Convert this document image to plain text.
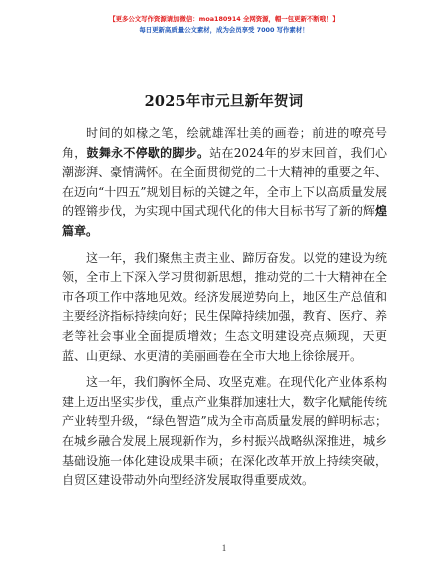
【更多公文写作资源请加微信：moa180914 全网资源，帽一包更新不断哦！】
每日更新高质量公文素材，成为会员享受 7000 写作素材！
2025年市元旦新年贺词

时间的如椽之笔，绘就雄浑壮美的画卷；前进的嘹亮号角，鼓舞永不停歇的脚步。站在2024年的岁末回首，我们心潮澎湃、豪情满怀。在全面贯彻党的二十大精神的重要之年、在迈向“十四五”规划目标的关键之年，全市上下以高质量发展的铿锵步伐，为实现中国式现代化的伟大目标书写了新的辉煌篇章。

这一年，我们聚焦主责主业、蹄厉奋发。以党的建设为统领，全市上下深入学习贯彻新思想，推动党的二十大精神在全市各项工作中落地见效。经济发展逆势向上，地区生产总值和主要经济指标持续向好；民生保障持续加强，教育、医疗、养老等社会事业全面提质增效；生态文明建设亮点频现，天更蓝、山更绿、水更清的美丽画卷在全市大地上徐徐展开。

这一年，我们胸怀全局、攻坚克难。在现代化产业体系构建上迈出坚实步伐，重点产业集群加速壮大，数字化赋能传统产业转型升级，“绿色智造”成为全市高质量发展的鲜明标志；在城乡融合发展上展现新作为，乡村振兴战略纵深推进，城乡基础设施一体化建设成果丰硕；在深化改革开放上持续突破，自贸区建设带动外向型经济发展取得重要成效。

1
